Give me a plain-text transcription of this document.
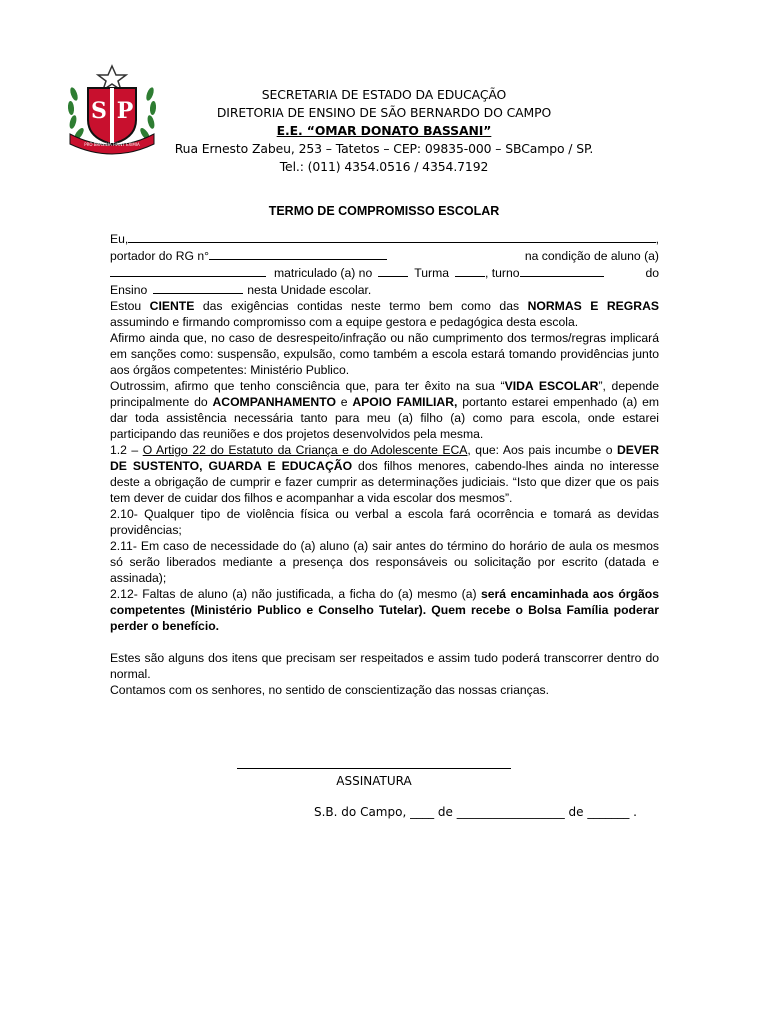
S P
PRO BRASILIA FIANT EXIMIA
SECRETARIA DE ESTADO DA EDUCAÇÃO
DIRETORIA DE ENSINO DE SÃO BERNARDO DO CAMPO
E.E. “OMAR DONATO BASSANI”
Rua Ernesto Zabeu, 253 – Tatetos – CEP: 09835-000 – SBCampo / SP.
Tel.: (011) 4354.0516 / 4354.7192
TERMO DE COMPROMISSO ESCOLAR

Eu,	,

portador do RG n°	na condição de aluno (a)

matriculado (a) no	Turma	, turno	do

Ensino	nesta Unidade escolar.

Estou CIENTE das exigências contidas neste termo bem como das NORMAS E REGRAS assumindo e firmando compromisso com a equipe gestora e pedagógica desta escola.

Afirmo ainda que, no caso de desrespeito/infração ou não cumprimento dos termos/regras implicará em sanções como: suspensão, expulsão, como também a escola estará tomando providências junto aos órgãos competentes: Ministério Publico.

Outrossim, afirmo que tenho consciência que, para ter êxito na sua “VIDA ESCOLAR”, depende principalmente do ACOMPANHAMENTO e APOIO FAMILIAR, portanto estarei empenhado (a) em dar toda assistência necessária tanto para meu (a) filho (a) como para escola, onde estarei participando das reuniões e dos projetos desenvolvidos pela mesma.

1.2 – O Artigo 22 do Estatuto da Criança e do Adolescente ECA, que: Aos pais incumbe o DEVER DE SUSTENTO, GUARDA E EDUCAÇÃO dos filhos menores, cabendo-lhes ainda no interesse deste a obrigação de cumprir e fazer cumprir as determinações judiciais. “Isto que dizer que os pais tem dever de cuidar dos filhos e acompanhar a vida escolar dos mesmos”.

2.10- Qualquer tipo de violência física ou verbal a escola fará ocorrência e tomará as devidas providências;

2.11- Em caso de necessidade do (a) aluno (a) sair antes do término do horário de aula os mesmos só serão liberados mediante a presença dos responsáveis ou solicitação por escrito (datada e assinada);

2.12- Faltas de aluno (a) não justificada, a ficha do (a) mesmo (a) será encaminhada aos órgãos competentes (Ministério Publico e Conselho Tutelar). Quem recebe o Bolsa Família poderar perder o benefício.

Estes são alguns dos itens que precisam ser respeitados e assim tudo poderá transcorrer dentro do normal.

Contamos com os senhores, no sentido de conscientização das nossas crianças.

ASSINATURA
S.B. do Campo, ____ de __________________ de _______ .
